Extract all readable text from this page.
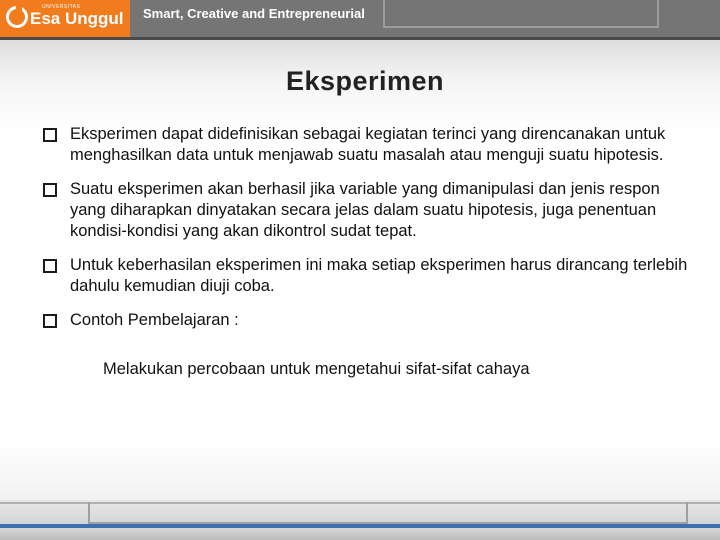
UNIVERSITAS
Esa Unggul Smart, Creative and Entrepreneurial
Eksperimen
Eksperimen dapat didefinisikan sebagai kegiatan terinci yang direncanakan untuk menghasilkan data untuk menjawab suatu masalah atau menguji suatu hipotesis.
Suatu eksperimen akan berhasil jika variable yang dimanipulasi dan jenis respon yang diharapkan dinyatakan secara jelas dalam suatu hipotesis, juga penentuan kondisi-kondisi yang akan dikontrol sudat tepat.
Untuk keberhasilan eksperimen ini maka setiap eksperimen harus dirancang terlebih dahulu kemudian diuji coba.
Contoh Pembelajaran :
Melakukan percobaan untuk mengetahui sifat-sifat cahaya
